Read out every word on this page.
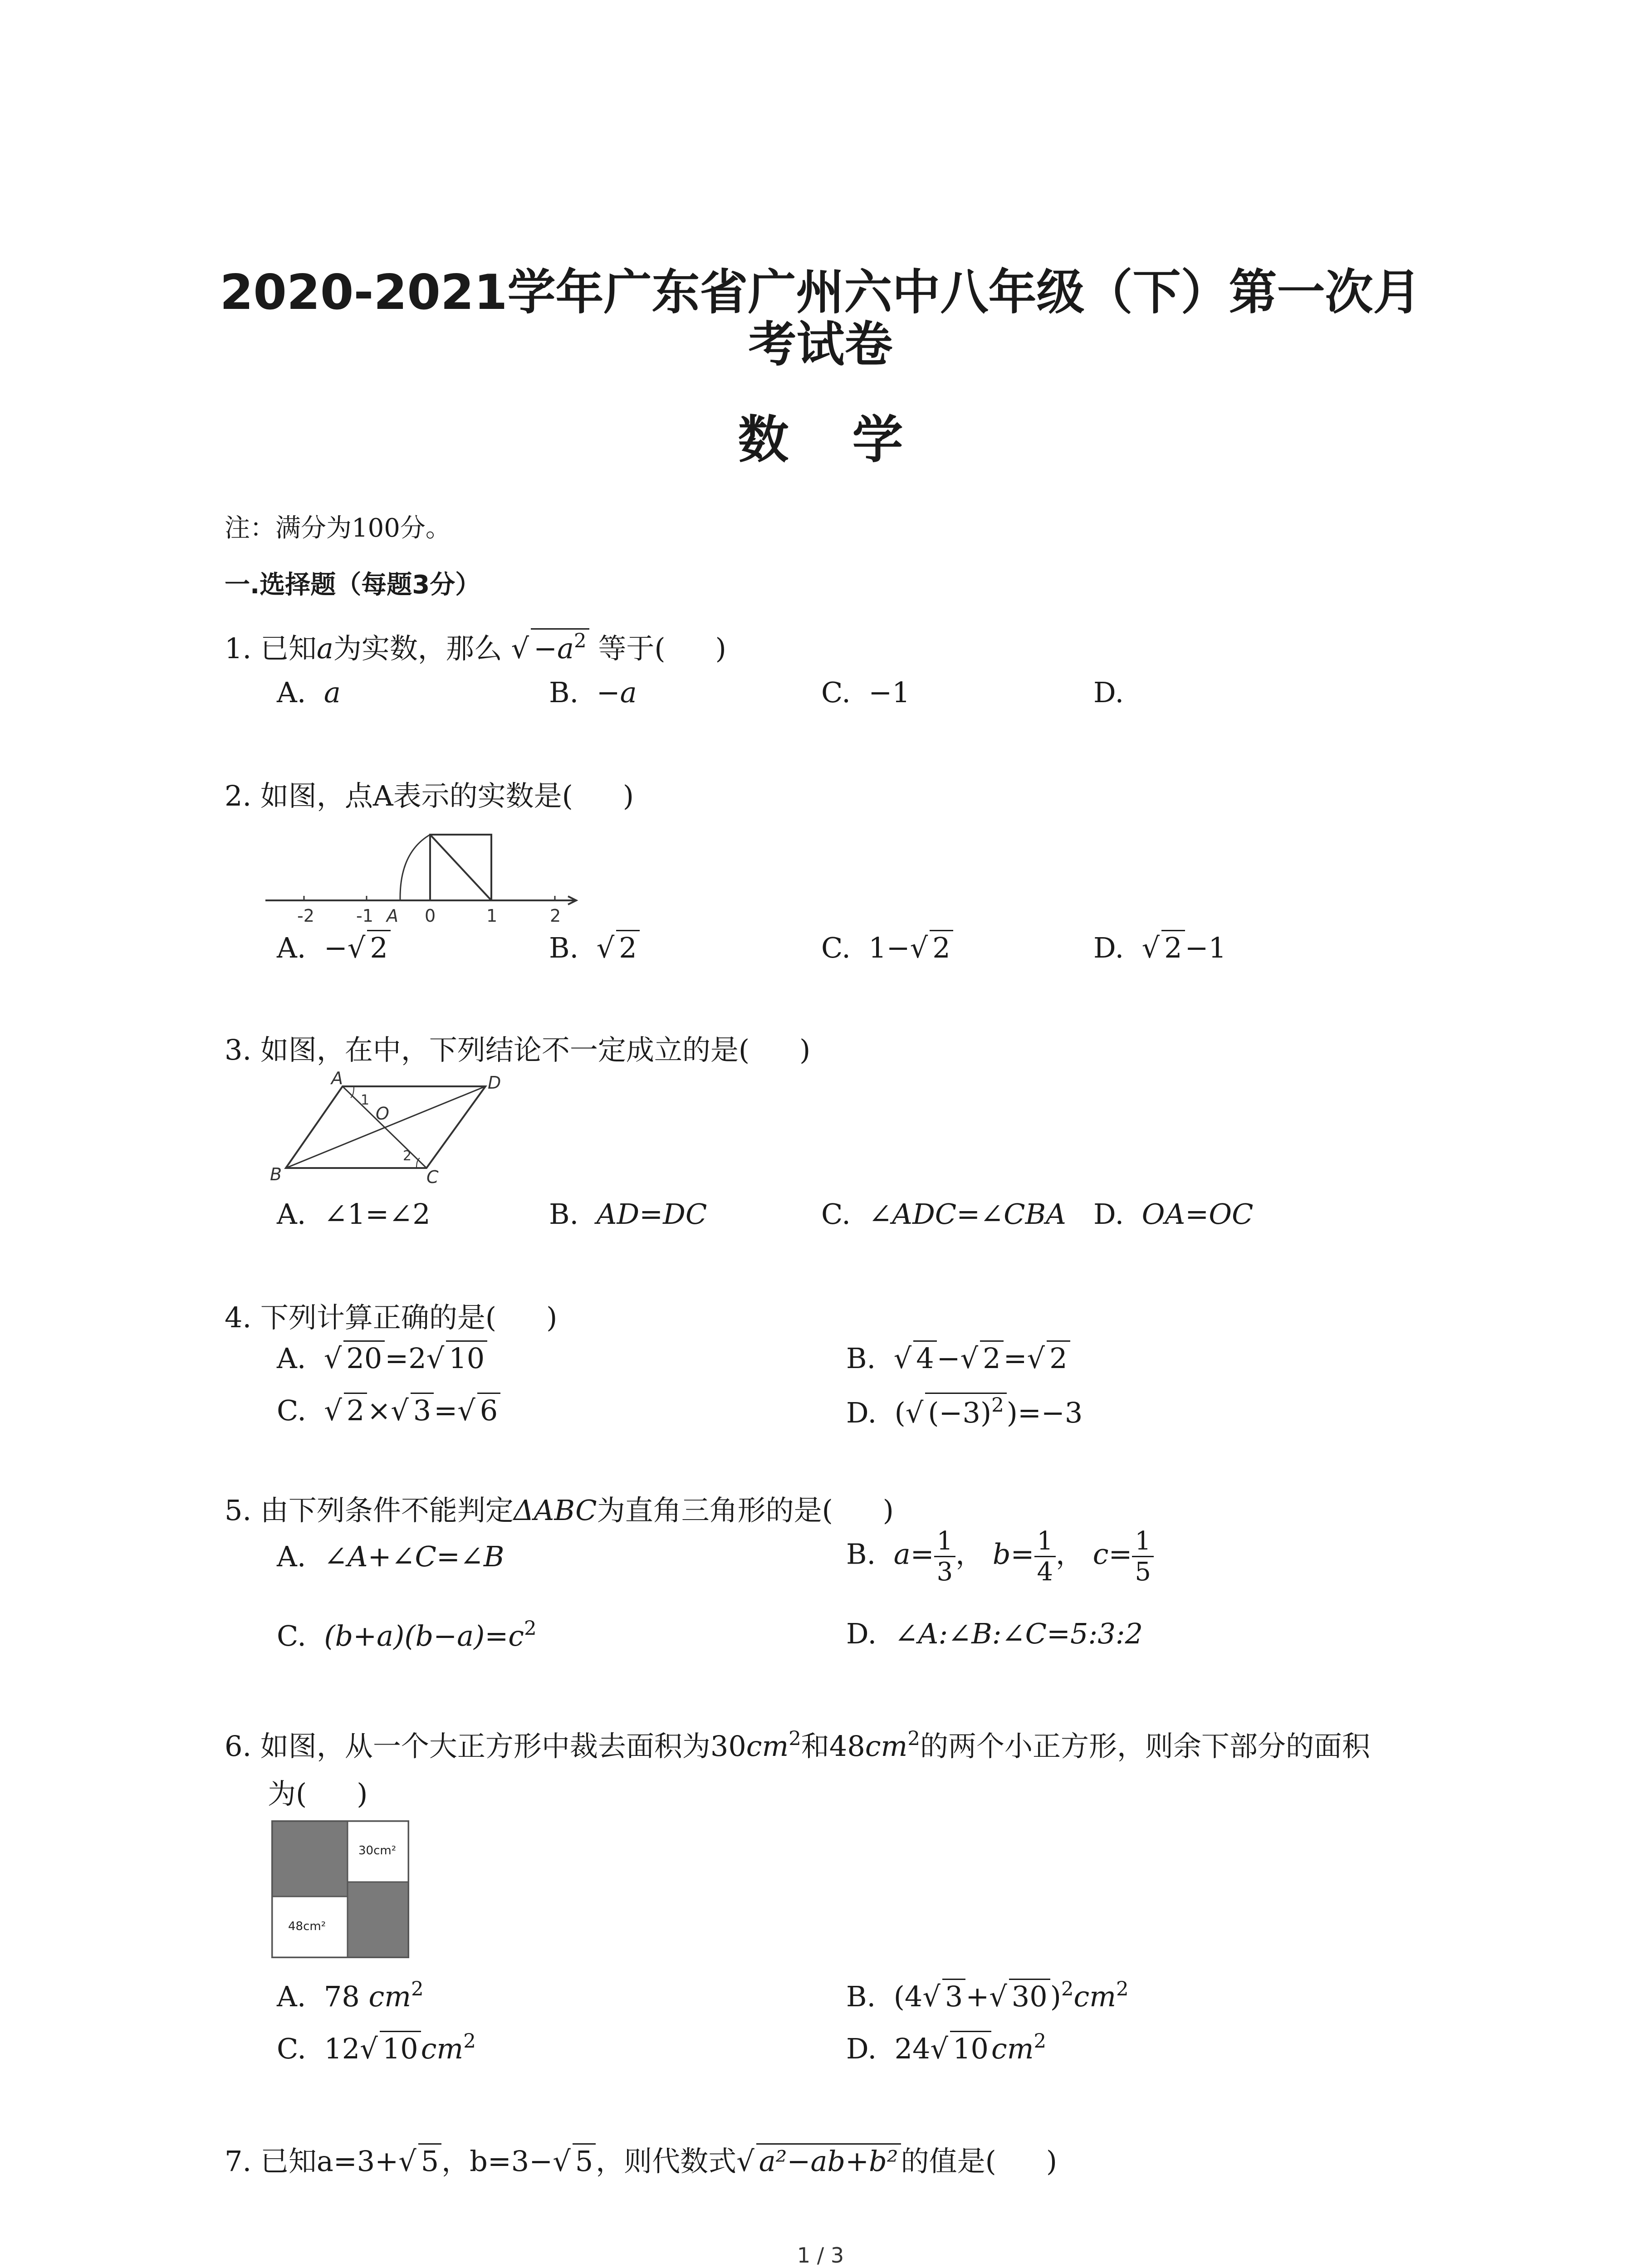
2020-2021学年广东省广州六中八年级（下）第一次月
考试卷
数学
注：满分为100分。
一.选择题（每题3分）
1. 已知a为实数，那么 √ $-a^2$ 等于( )
A. a	B. −a	C. −1	D.
2. 如图，点A表示的实数是( )
-2 -1 A 0	1	2
A. −√ 2	B. √ 2	C. 1−√ 2	D. √ 2−1
3. 如图，在中，下列结论不一定成立的是( )
A	D
B	C
O
1
2
A. ∠1=∠2	B. AD=DC	C. ∠ADC=∠CBA D. OA=OC
4. 下列计算正确的是( )
A. √ 20=2√ 10	B. √ 4−√ 2=√ 2
C. √ 2×√ 3=√ 6	D. (√ $(-3)^2)=-3$
5. 由下列条件不能判定ΔABC为直角三角形的是( )
A. ∠A+∠C=∠B	B. $a= \frac{1}{3}$ ， $b= \frac{1}{4}$ ， $c= \frac{1}{5}$
C. $(b+a)(b-a)=c^2$	D. ∠A:∠B:∠C=5:3:2
6. 如图，从一个大正方形中裁去面积为$30cm^2$和$48cm^2$的两个小正方形，则余下部分的面积
为( )
30cm²
48cm²
A. 78 $cm^2$	B. (4√ 3+√ $30)^2cm^2$
C. 12√ $10cm^2$	D. 24√ $10cm^2$
7. 已知a=3+√ 5，b=3−√ 5，则代数式√ a²−ab+b²的值是( )
1 / 3
